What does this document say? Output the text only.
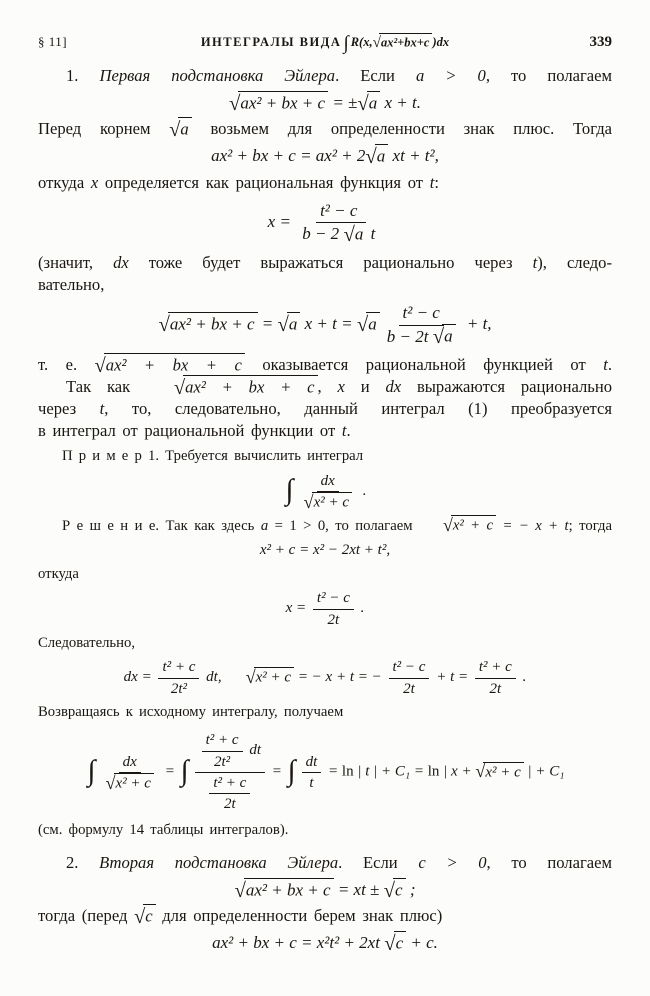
§ 11]	ИНТЕГРАЛЫ ВИДА ∫ R(x,√ax²+bx+c )dx	339
1. Первая подстановка Эйлера. Если a > 0, то полагаем
√ax² + bx + c = ±√a x + t.
Перед корнем √a возьмем для определенности знак плюс. Тогда
ax² + bx + c = ax² + 2√a xt + t²,
откуда x определяется как рациональная функция от t:
$x = \frac{\text{t² − c}}{\text{b − 2 √a t}}$
(значит, dx тоже будет выражаться рационально через t), следо-
вательно,
√ax² + bx + c = √a $x + t = √a \frac{\text{t² − c}}{b - 2t √a} + t$,
т. е. √ax² + bx + c оказывается рациональной функцией от t.
Так как √ax² + bx + c , x и dx выражаются рационально
через t, то, следовательно, данный интеграл (1) преобразуется
в интеграл от рациональной функции от t.
П р и м е р 1. Требуется вычислить интеграл
∫ $\frac{dx}{\text{√x² + c}}$ .
Р е ш е н и е. Так как здесь a = 1 > 0, то полагаем √x² + c = − x + t; тогда
x² + c = x² − 2xt + t²,
откуда
$x = \frac{\text{t² − c}}{2t}$ .
Следовательно,
dx = $\frac{\text{t² + c}}{\text{2t²}}$ dt, √x² + c = − x + t = − $\frac{\text{t² − c}}{2t} + t = \frac{\text{t² + c}}{2t}$ .
Возвращаясь к исходному интегралу, получаем
∫ $\frac{dx}{\text{√x² + c}}$ = ∫ $\frac{\frac{\text{t² + c}}{\text{2t²}} dt}{\frac{\text{t² + c}}{2t}}$ = ∫ $\frac{dt}{t} = \ln$ | t | + C₁ = ln | x + √x² + c | + C₁
(см. формулу 14 таблицы интегралов).
2. Вторая подстановка Эйлера. Если c > 0, то полагаем
√ax² + bx + c = xt ± √c ;
тогда (перед √c для определенности берем знак плюс)
ax² + bx + c = x²t² + 2xt √c + c.
